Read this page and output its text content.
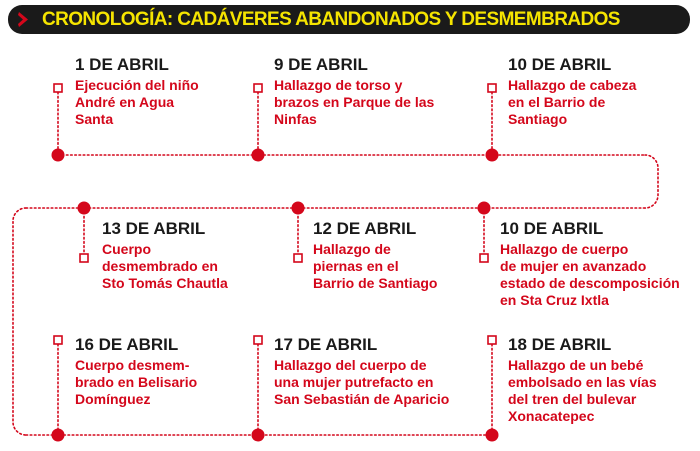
CRONOLOGÍA: CADÁVERES ABANDONADOS Y DESMEMBRADOS
1 DE ABRIL
Ejecución del niño
André en Agua
Santa
9 DE ABRIL
Hallazgo de torso y
brazos en Parque de las
Ninfas
10 DE ABRIL
Hallazgo de cabeza
en el Barrio de
Santiago
13 DE ABRIL
Cuerpo
desmembrado en
Sto Tomás Chautla
12 DE ABRIL
Hallazgo de
piernas en el
Barrio de Santiago
10 DE ABRIL
Hallazgo de cuerpo
de mujer en avanzado
estado de descomposición
en Sta Cruz Ixtla
16 DE ABRIL
Cuerpo desmem-
brado en Belisario
Domínguez
17 DE ABRIL
Hallazgo del cuerpo de
una mujer putrefacto en
San Sebastián de Aparicio
18 DE ABRIL
Hallazgo de un bebé
embolsado en las vías
del tren del bulevar
Xonacatepec
